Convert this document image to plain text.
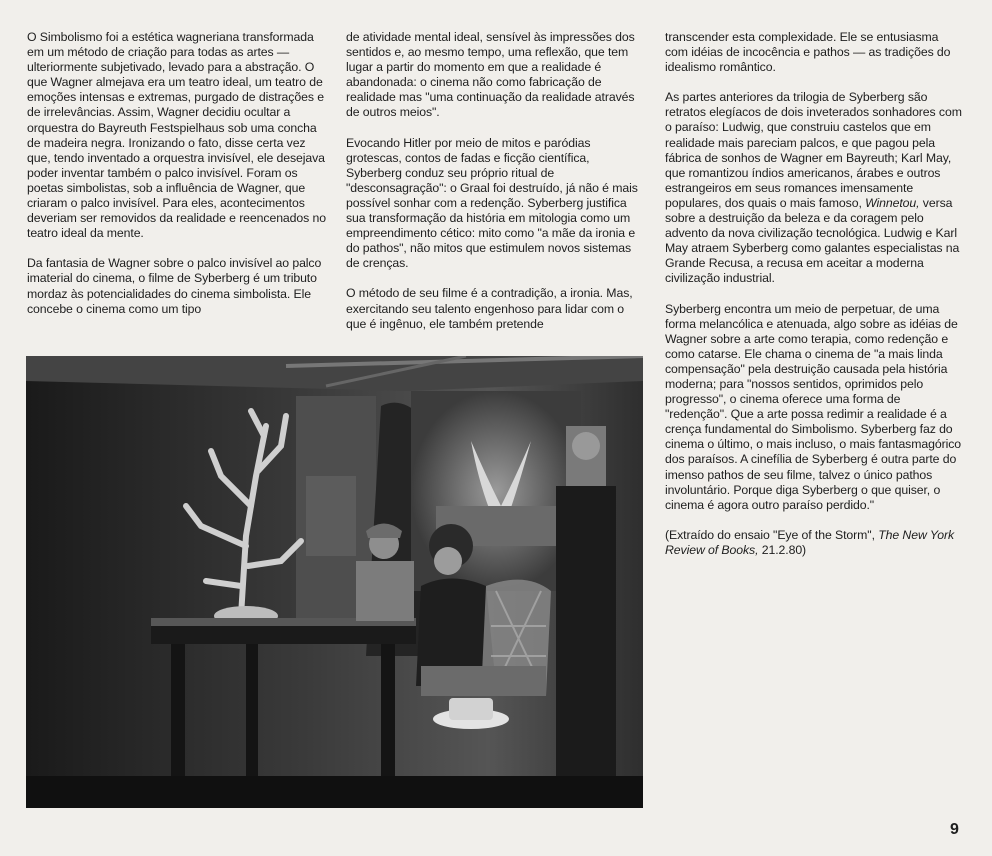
O Simbolismo foi a estética wagneriana transformada em um método de criação para todas as artes — ulteriormente subjetivado, levado para a abstração. O que Wagner almejava era um teatro ideal, um teatro de emoções intensas e extremas, purgado de distrações e de irrelevâncias. Assim, Wagner decidiu ocultar a orquestra do Bayreuth Festspielhaus sob uma concha de madeira negra. Ironizando o fato, disse certa vez que, tendo inventado a orquestra invisível, ele desejava poder inventar também o palco invisível. Foram os poetas simbolistas, sob a influência de Wagner, que criaram o palco invisível. Para eles, acontecimentos deveriam ser removidos da realidade e reencenados no teatro ideal da mente.

Da fantasia de Wagner sobre o palco invisível ao palco imaterial do cinema, o filme de Syberberg é um tributo mordaz às potencialidades do cinema simbolista. Ele concebe o cinema como um tipo

de atividade mental ideal, sensível às impressões dos sentidos e, ao mesmo tempo, uma reflexão, que tem lugar a partir do momento em que a realidade é abandonada: o cinema não como fabricação de realidade mas "uma continuação da realidade através de outros meios".

Evocando Hitler por meio de mitos e paródias grotescas, contos de fadas e ficção científica, Syberberg conduz seu próprio ritual de "desconsagração": o Graal foi destruído, já não é mais possível sonhar com a redenção. Syberberg justifica sua transformação da história em mitologia como um empreendimento cético: mito como "a mãe da ironia e do pathos", não mitos que estimulem novos sistemas de crenças.

O método de seu filme é a contradição, a ironia. Mas, exercitando seu talento engenhoso para lidar com o que é ingênuo, ele também pretende

transcender esta complexidade. Ele se entusiasma com idéias de incocência e pathos — as tradições do idealismo romântico.

As partes anteriores da trilogia de Syberberg são retratos elegíacos de dois inveterados sonhadores com o paraíso: Ludwig, que construiu castelos que em realidade mais pareciam palcos, e que pagou pela fábrica de sonhos de Wagner em Bayreuth; Karl May, que romantizou índios americanos, árabes e outros estrangeiros em seus romances imensamente populares, dos quais o mais famoso, Winnetou, versa sobre a destruição da beleza e da coragem pelo advento da nova civilização tecnológica. Ludwig e Karl May atraem Syberberg como galantes especialistas na Grande Recusa, a recusa em aceitar a moderna civilização industrial.

Syberberg encontra um meio de perpetuar, de uma forma melancólica e atenuada, algo sobre as idéias de Wagner sobre a arte como terapia, como redenção e como catarse. Ele chama o cinema de "a mais linda compensação" pela destruição causada pela história moderna; para "nossos sentidos, oprimidos pelo progresso", o cinema oferece uma forma de "redenção". Que a arte possa redimir a realidade é a crença fundamental do Simbolismo. Syberberg faz do cinema o último, o mais incluso, o mais fantasmagórico dos paraísos. A cinefília de Syberberg é outra parte do imenso pathos de seu filme, talvez o único pathos involuntário. Porque diga Syberberg o que quiser, o cinema é agora outro paraíso perdido."

(Extraído do ensaio "Eye of the Storm", The New York Review of Books, 21.2.80)

9
